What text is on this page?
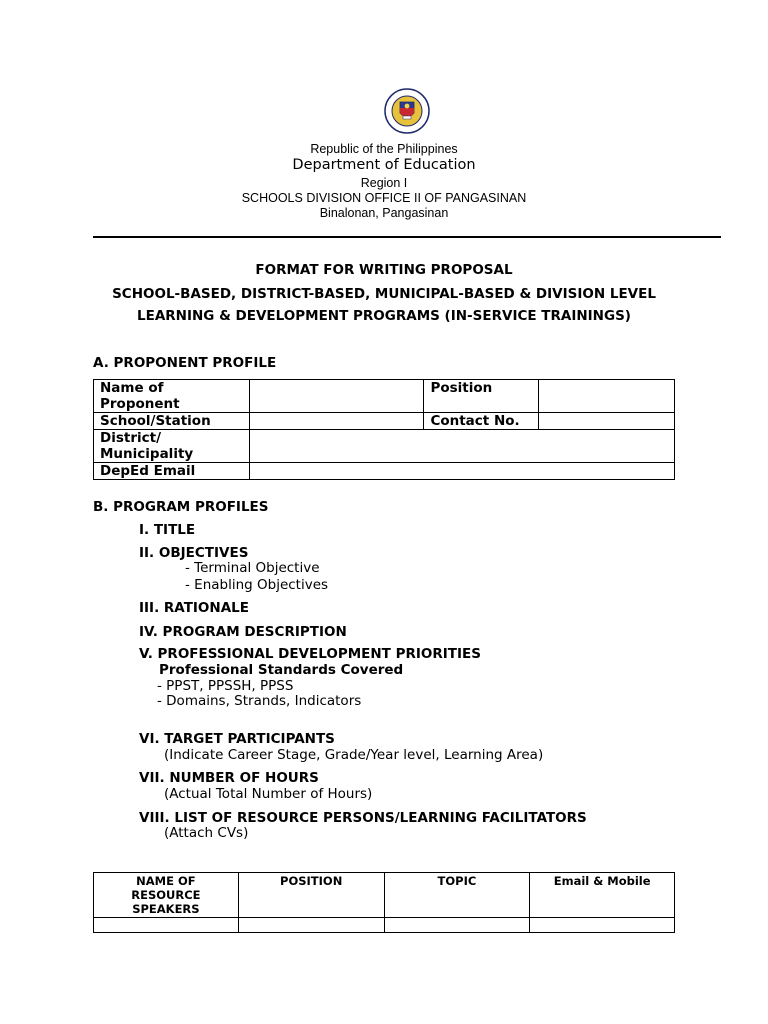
Republic of the Philippines
Department of Education
Region I
SCHOOLS DIVISION OFFICE II OF PANGASINAN
Binalonan, Pangasinan
FORMAT FOR WRITING PROPOSAL
SCHOOL-BASED, DISTRICT-BASED, MUNICIPAL-BASED & DIVISION LEVEL
LEARNING & DEVELOPMENT PROGRAMS (IN-SERVICE TRAININGS)
A. PROPONENT PROFILE
Name of
Proponent		Position	
School/Station		Contact No.	
District/
Municipality			
DepEd Email			
B. PROGRAM PROFILES
I. TITLE
II. OBJECTIVES
- Terminal Objective
- Enabling Objectives
III. RATIONALE
IV. PROGRAM DESCRIPTION
V. PROFESSIONAL DEVELOPMENT PRIORITIES
Professional Standards Covered
- PPST, PPSSH, PPSS
- Domains, Strands, Indicators
VI. TARGET PARTICIPANTS
(Indicate Career Stage, Grade/Year level, Learning Area)
VII. NUMBER OF HOURS
(Actual Total Number of Hours)
VIII. LIST OF RESOURCE PERSONS/LEARNING FACILITATORS
(Attach CVs)
NAME OF
RESOURCE
SPEAKERS	POSITION	TOPIC	Email & Mobile
